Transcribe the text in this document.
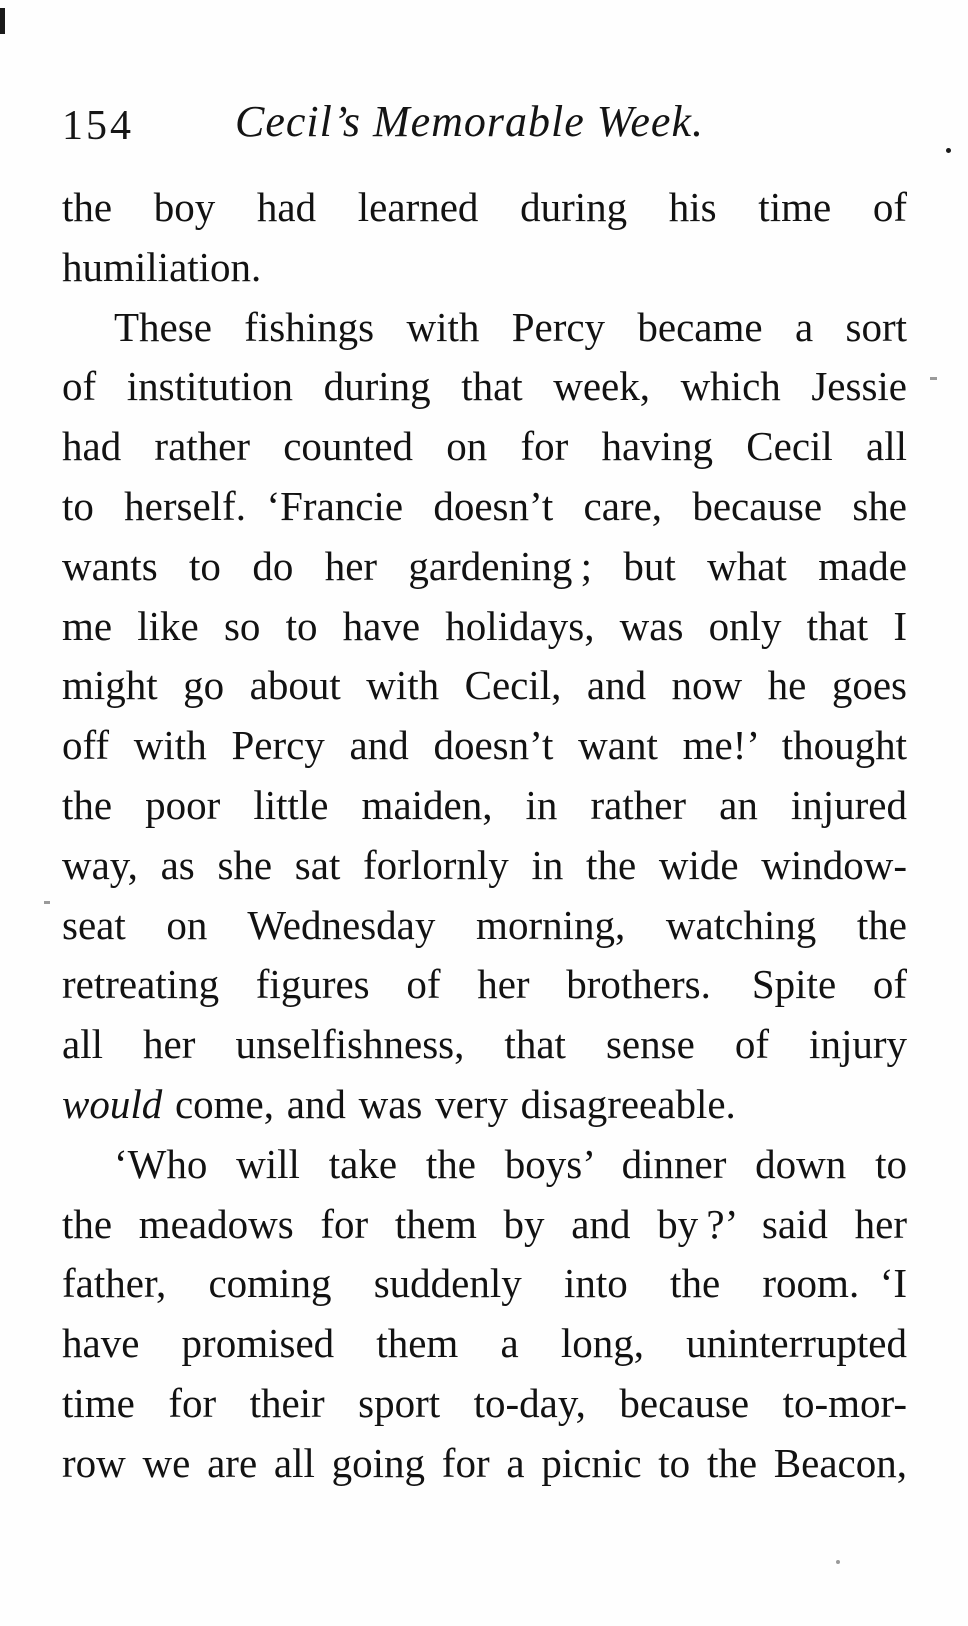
154	Cecil’s Memorable Week.
the boy had learned during his time of
humiliation.
These fishings with Percy became a sort
of institution during that week, which Jessie
had rather counted on for having Cecil all
to herself. ‘Francie doesn’t care, because she
wants to do her gardening ; but what made
me like so to have holidays, was only that I
might go about with Cecil, and now he goes
off with Percy and doesn’t want me!’ thought
the poor little maiden, in rather an injured
way, as she sat forlornly in the wide window-
seat on Wednesday morning, watching the
retreating figures of her brothers. Spite of
all her unselfishness, that sense of injury
would come, and was very disagreeable.
‘Who will take the boys’ dinner down to
the meadows for them by and by ?’ said her
father, coming suddenly into the room. ‘I
have promised them a long, uninterrupted
time for their sport to-day, because to-mor-
row we are all going for a picnic to the Beacon,
